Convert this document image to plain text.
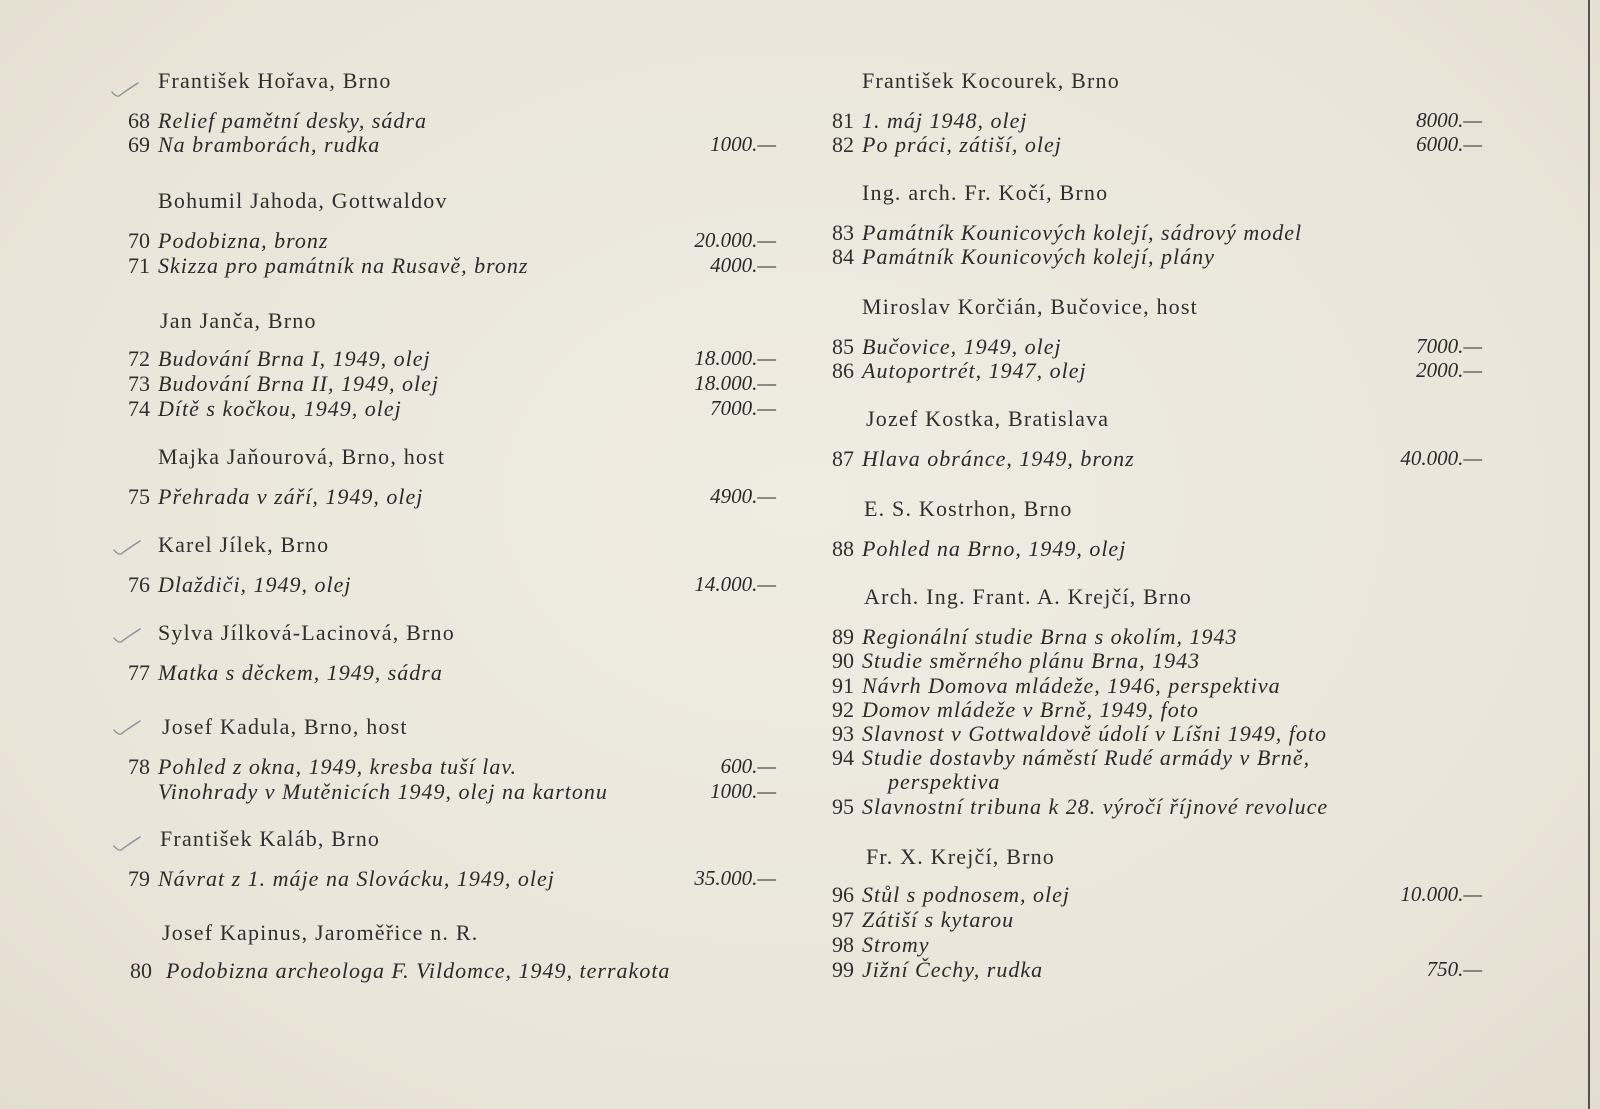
František Hořava, Brno
68 Relief pamětní desky, sádra
69 Na bramborách, rudka	1000.—
Bohumil Jahoda, Gottwaldov
70 Podobizna, bronz	20.000.—
71 Skizza pro památník na Rusavě, bronz	4000.—
Jan Janča, Brno
72 Budování Brna I, 1949, olej	18.000.—
73 Budování Brna II, 1949, olej	18.000.—
74 Dítě s kočkou, 1949, olej	7000.—
Majka Jaňourová, Brno, host
75 Přehrada v září, 1949, olej	4900.—
Karel Jílek, Brno
76 Dlaždiči, 1949, olej	14.000.—
Sylva Jílková-Lacinová, Brno
77 Matka s děckem, 1949, sádra
Josef Kadula, Brno, host
78 Pohled z okna, 1949, kresba tuší lav.	600.—
Vinohrady v Mutěnicích 1949, olej na kartonu	1000.—
František Kaláb, Brno
79 Návrat z 1. máje na Slovácku, 1949, olej	35.000.—
Josef Kapinus, Jaroměřice n. R.
80 Podobizna archeologa F. Vildomce, 1949, terrakota
František Kocourek, Brno
81 1. máj 1948, olej	8000.—
82 Po práci, zátiší, olej	6000.—
Ing. arch. Fr. Kočí, Brno
83 Památník Kounicových kolejí, sádrový model
84 Památník Kounicových kolejí, plány
Miroslav Korčián, Bučovice, host
85 Bučovice, 1949, olej	7000.—
86 Autoportrét, 1947, olej	2000.—
Jozef Kostka, Bratislava
87 Hlava obránce, 1949, bronz	40.000.—
E. S. Kostrhon, Brno
88 Pohled na Brno, 1949, olej
Arch. Ing. Frant. A. Krejčí, Brno
89 Regionální studie Brna s okolím, 1943
90 Studie směrného plánu Brna, 1943
91 Návrh Domova mládeže, 1946, perspektiva
92 Domov mládeže v Brně, 1949, foto
93 Slavnost v Gottwaldově údolí v Líšni 1949, foto
94 Studie dostavby náměstí Rudé armády v Brně,
perspektiva
95 Slavnostní tribuna k 28. výročí říjnové revoluce
Fr. X. Krejčí, Brno
96 Stůl s podnosem, olej	10.000.—
97 Zátiší s kytarou
98 Stromy
99 Jižní Čechy, rudka	750.—
